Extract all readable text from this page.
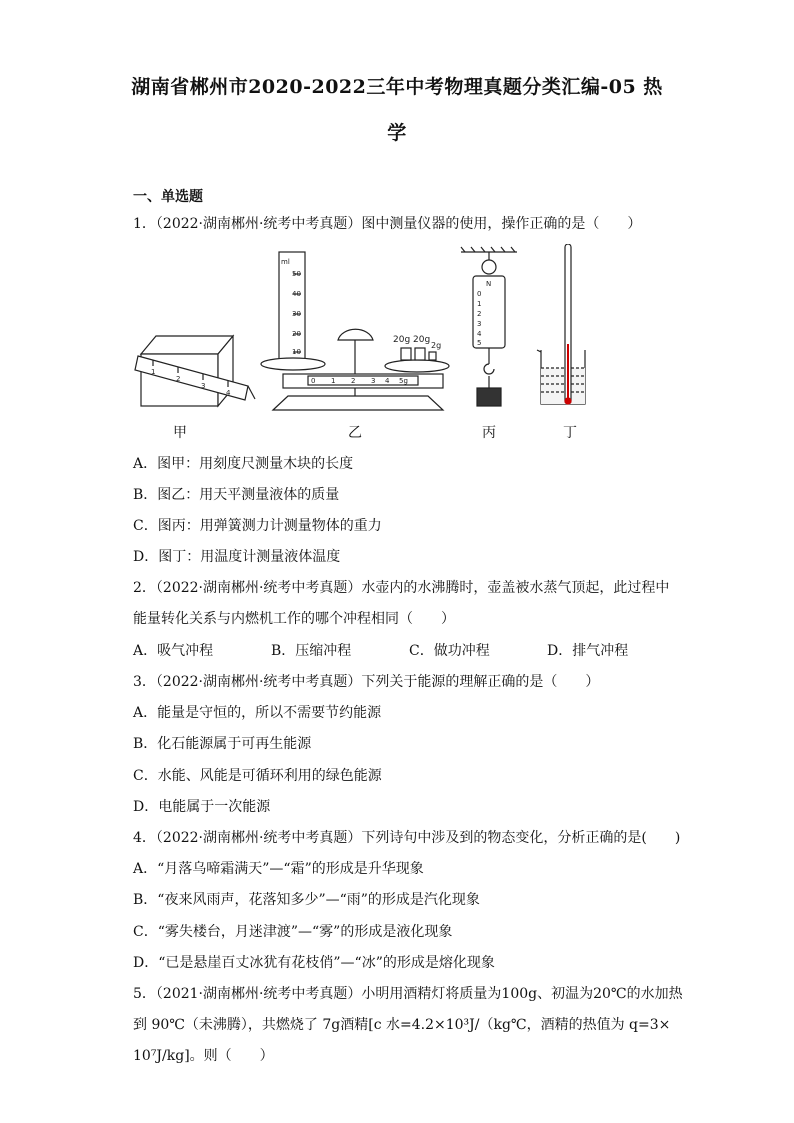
湖南省郴州市2020-2022三年中考物理真题分类汇编-05 热
学
一、单选题
1．（2022·湖南郴州·统考中考真题）图中测量仪器的使用，操作正确的是（　　）
ml
50
40
30
20
10
20g 20g
2g
0 1 2 3 4 5g
N
0
1
2
3
4
5
1
2
3
4
甲	乙	丙	丁
A．图甲：用刻度尺测量木块的长度
B．图乙：用天平测量液体的质量
C．图丙：用弹簧测力计测量物体的重力
D．图丁：用温度计测量液体温度
2．（2022·湖南郴州·统考中考真题）水壶内的水沸腾时，壶盖被水蒸气顶起，此过程中
能量转化关系与内燃机工作的哪个冲程相同（　　）
A．吸气冲程	B．压缩冲程	C．做功冲程	D．排气冲程
3．（2022·湖南郴州·统考中考真题）下列关于能源的理解正确的是（　　）
A．能量是守恒的，所以不需要节约能源
B．化石能源属于可再生能源
C．水能、风能是可循环利用的绿色能源
D．电能属于一次能源
4．（2022·湖南郴州·统考中考真题）下列诗句中涉及到的物态变化，分析正确的是(　　)
A．“月落乌啼霜满天”—“霜”的形成是升华现象
B．“夜来风雨声，花落知多少”—“雨”的形成是汽化现象
C．“雾失楼台，月迷津渡”—“雾”的形成是液化现象
D．“已是悬崖百丈冰犹有花枝俏”—“冰”的形成是熔化现象
5．（2021·湖南郴州·统考中考真题）小明用酒精灯将质量为100g、初温为20℃的水加热
到 90℃（未沸腾），共燃烧了 7g酒精[c 水=4.2×10³J/（kg℃，酒精的热值为 q=3×
10⁷J/kg]。则（　　）
